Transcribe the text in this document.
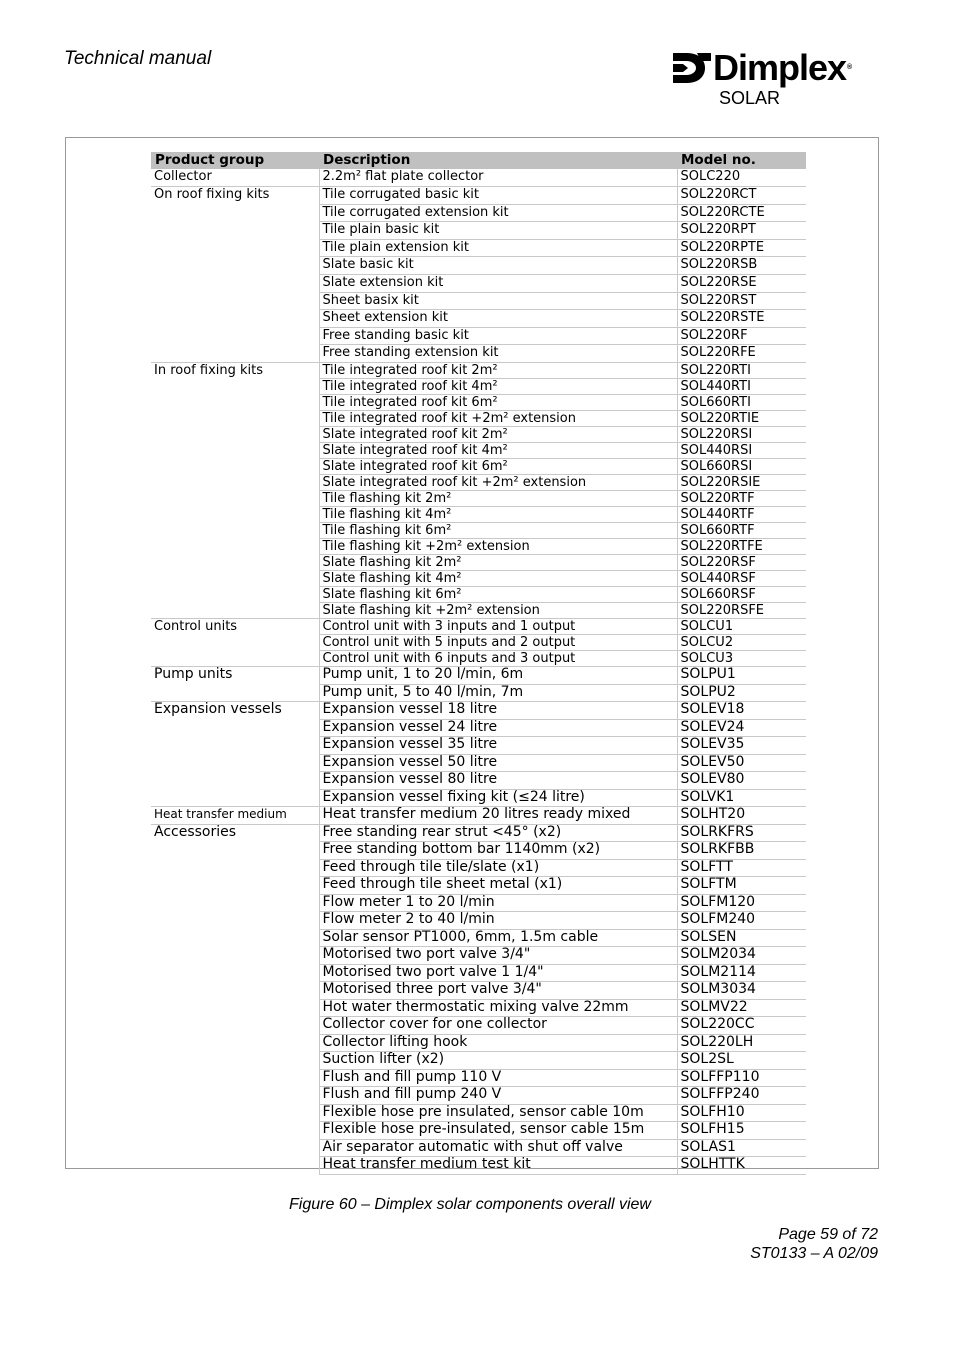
Technical manual	Dimplex®
SOLAR
Product group	Description	Model no.
Collector	2.2m² flat plate collector	SOLC220
On roof fixing kits	Tile corrugated basic kit	SOL220RCT
	Tile corrugated extension kit	SOL220RCTE
	Tile plain basic kit	SOL220RPT
	Tile plain extension kit	SOL220RPTE
	Slate basic kit	SOL220RSB
	Slate extension kit	SOL220RSE
	Sheet basix kit	SOL220RST
	Sheet extension kit	SOL220RSTE
	Free standing basic kit	SOL220RF
	Free standing extension kit	SOL220RFE
In roof fixing kits	Tile integrated roof kit 2m²	SOL220RTI
	Tile integrated roof kit 4m²	SOL440RTI
	Tile integrated roof kit 6m²	SOL660RTI
	Tile integrated roof kit +2m² extension	SOL220RTIE
	Slate integrated roof kit 2m²	SOL220RSI
	Slate integrated roof kit 4m²	SOL440RSI
	Slate integrated roof kit 6m²	SOL660RSI
	Slate integrated roof kit +2m² extension	SOL220RSIE
	Tile flashing kit 2m²	SOL220RTF
	Tile flashing kit 4m²	SOL440RTF
	Tile flashing kit 6m²	SOL660RTF
	Tile flashing kit +2m² extension	SOL220RTFE
	Slate flashing kit 2m²	SOL220RSF
	Slate flashing kit 4m²	SOL440RSF
	Slate flashing kit 6m²	SOL660RSF
	Slate flashing kit +2m² extension	SOL220RSFE
Control units	Control unit with 3 inputs and 1 output	SOLCU1
	Control unit with 5 inputs and 2 output	SOLCU2
	Control unit with 6 inputs and 3 output	SOLCU3
Pump units	Pump unit, 1 to 20 l/min, 6m	SOLPU1
	Pump unit, 5 to 40 l/min, 7m	SOLPU2
Expansion vessels	Expansion vessel 18 litre	SOLEV18
	Expansion vessel 24 litre	SOLEV24
	Expansion vessel 35 litre	SOLEV35
	Expansion vessel 50 litre	SOLEV50
	Expansion vessel 80 litre	SOLEV80
	Expansion vessel fixing kit (≤24 litre)	SOLVK1
Heat transfer medium	Heat transfer medium 20 litres ready mixed	SOLHT20
Accessories	Free standing rear strut <45° (x2)	SOLRKFRS
	Free standing bottom bar 1140mm (x2)	SOLRKFBB
	Feed through tile tile/slate (x1)	SOLFTT
	Feed through tile sheet metal (x1)	SOLFTM
	Flow meter 1 to 20 l/min	SOLFM120
	Flow meter 2 to 40 l/min	SOLFM240
	Solar sensor PT1000, 6mm, 1.5m cable	SOLSEN
	Motorised two port valve 3/4"	SOLM2034
	Motorised two port valve 1 1/4"	SOLM2114
	Motorised three port valve 3/4"	SOLM3034
	Hot water thermostatic mixing valve 22mm	SOLMV22
	Collector cover for one collector	SOL220CC
	Collector lifting hook	SOL220LH
	Suction lifter (x2)	SOL2SL
	Flush and fill pump 110 V	SOLFFP110
	Flush and fill pump 240 V	SOLFFP240
	Flexible hose pre insulated, sensor cable 10m	SOLFH10
	Flexible hose pre-insulated, sensor cable 15m	SOLFH15
	Air separator automatic with shut off valve	SOLAS1
	Heat transfer medium test kit	SOLHTTK
Figure 60 – Dimplex solar components overall view
Page 59 of 72
ST0133 – A 02/09
